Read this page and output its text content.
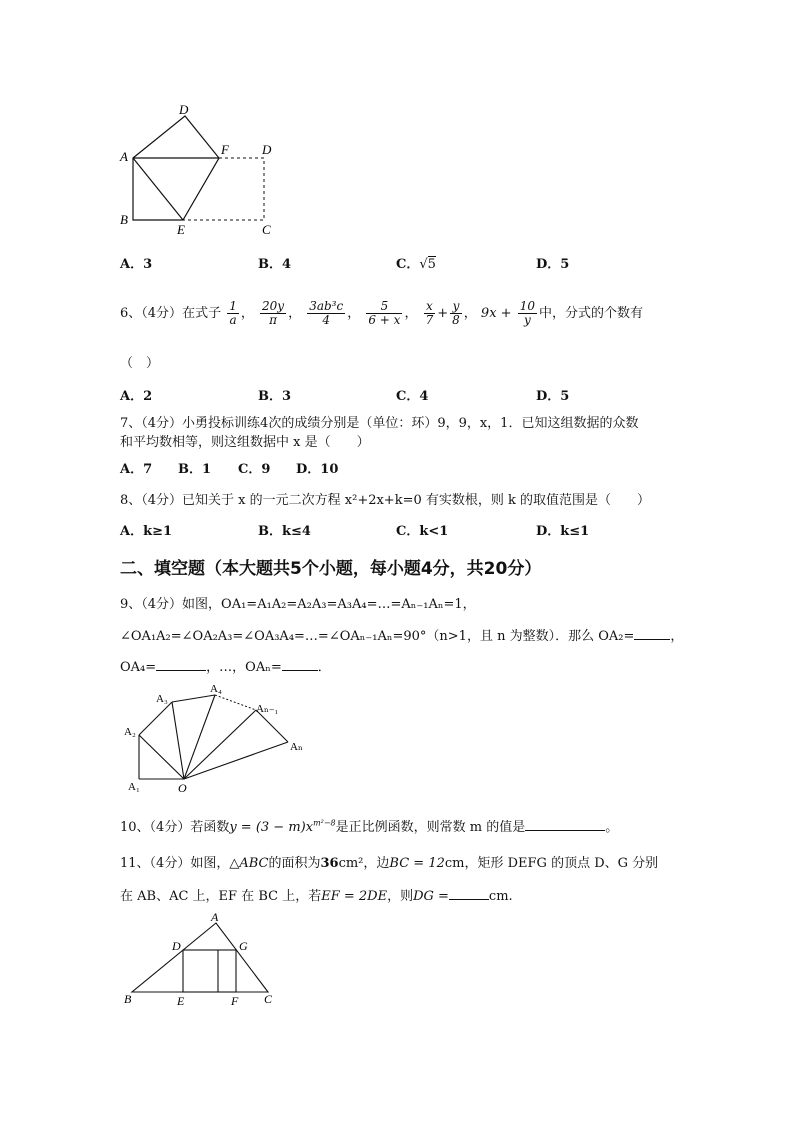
D
A	F	D
B
E	C
A．3	B．4	C．√5	D．5
6、（4分）在式子 $\frac{1}{a}$ ， $\frac{20y}{\pi}$ ， $\frac{\text{3ab³c}}{4}$ ， $\frac{5}{6 + x}$ ， $\frac{x}{7} + \frac{y}{8}$ ， $9x + \frac{10}{y}$ 中，分式的个数有
（　）
A．2	B．3	C．4	D．5
7、（4分）小勇投标训练4次的成绩分别是（单位：环）9，9，x，1．已知这组数据的众数
和平均数相等，则这组数据中 x 是（　　）
A．7 B．1 C．9 D．10
8、（4分）已知关于 x 的一元二次方程 x²+2x+k=0 有实数根，则 k 的取值范围是（　　）
A．k≥1	B．k≤4	C．k<1	D．k≤1
二、填空题（本大题共5个小题，每小题4分，共20分）
9、（4分）如图，OA₁=A₁A₂=A₂A₃=A₃A₄=…=Aₙ₋₁Aₙ=1，
∠OA₁A₂=∠OA₂A₃=∠OA₃A₄=…=∠OAₙ₋₁Aₙ=90°（n>1，且 n 为整数）．那么 OA₂=	，
OA₄=	，…，OAₙ=	．
A₁
A₂
A₃
A₄
Aₙ₋₁
Aₙ
O
10、（4分）若函数$y = (3 - m)x^{m^2-8}$是正比例函数，则常数 m 的值是	。
11、（4分）如图，△ABC的面积为36cm²，边BC = 12cm，矩形 DEFG 的顶点 D、G 分别
在 AB、AC 上，EF 在 BC 上，若EF = 2DE，则DG =	cm.
A
B	C
D
E	F
G
